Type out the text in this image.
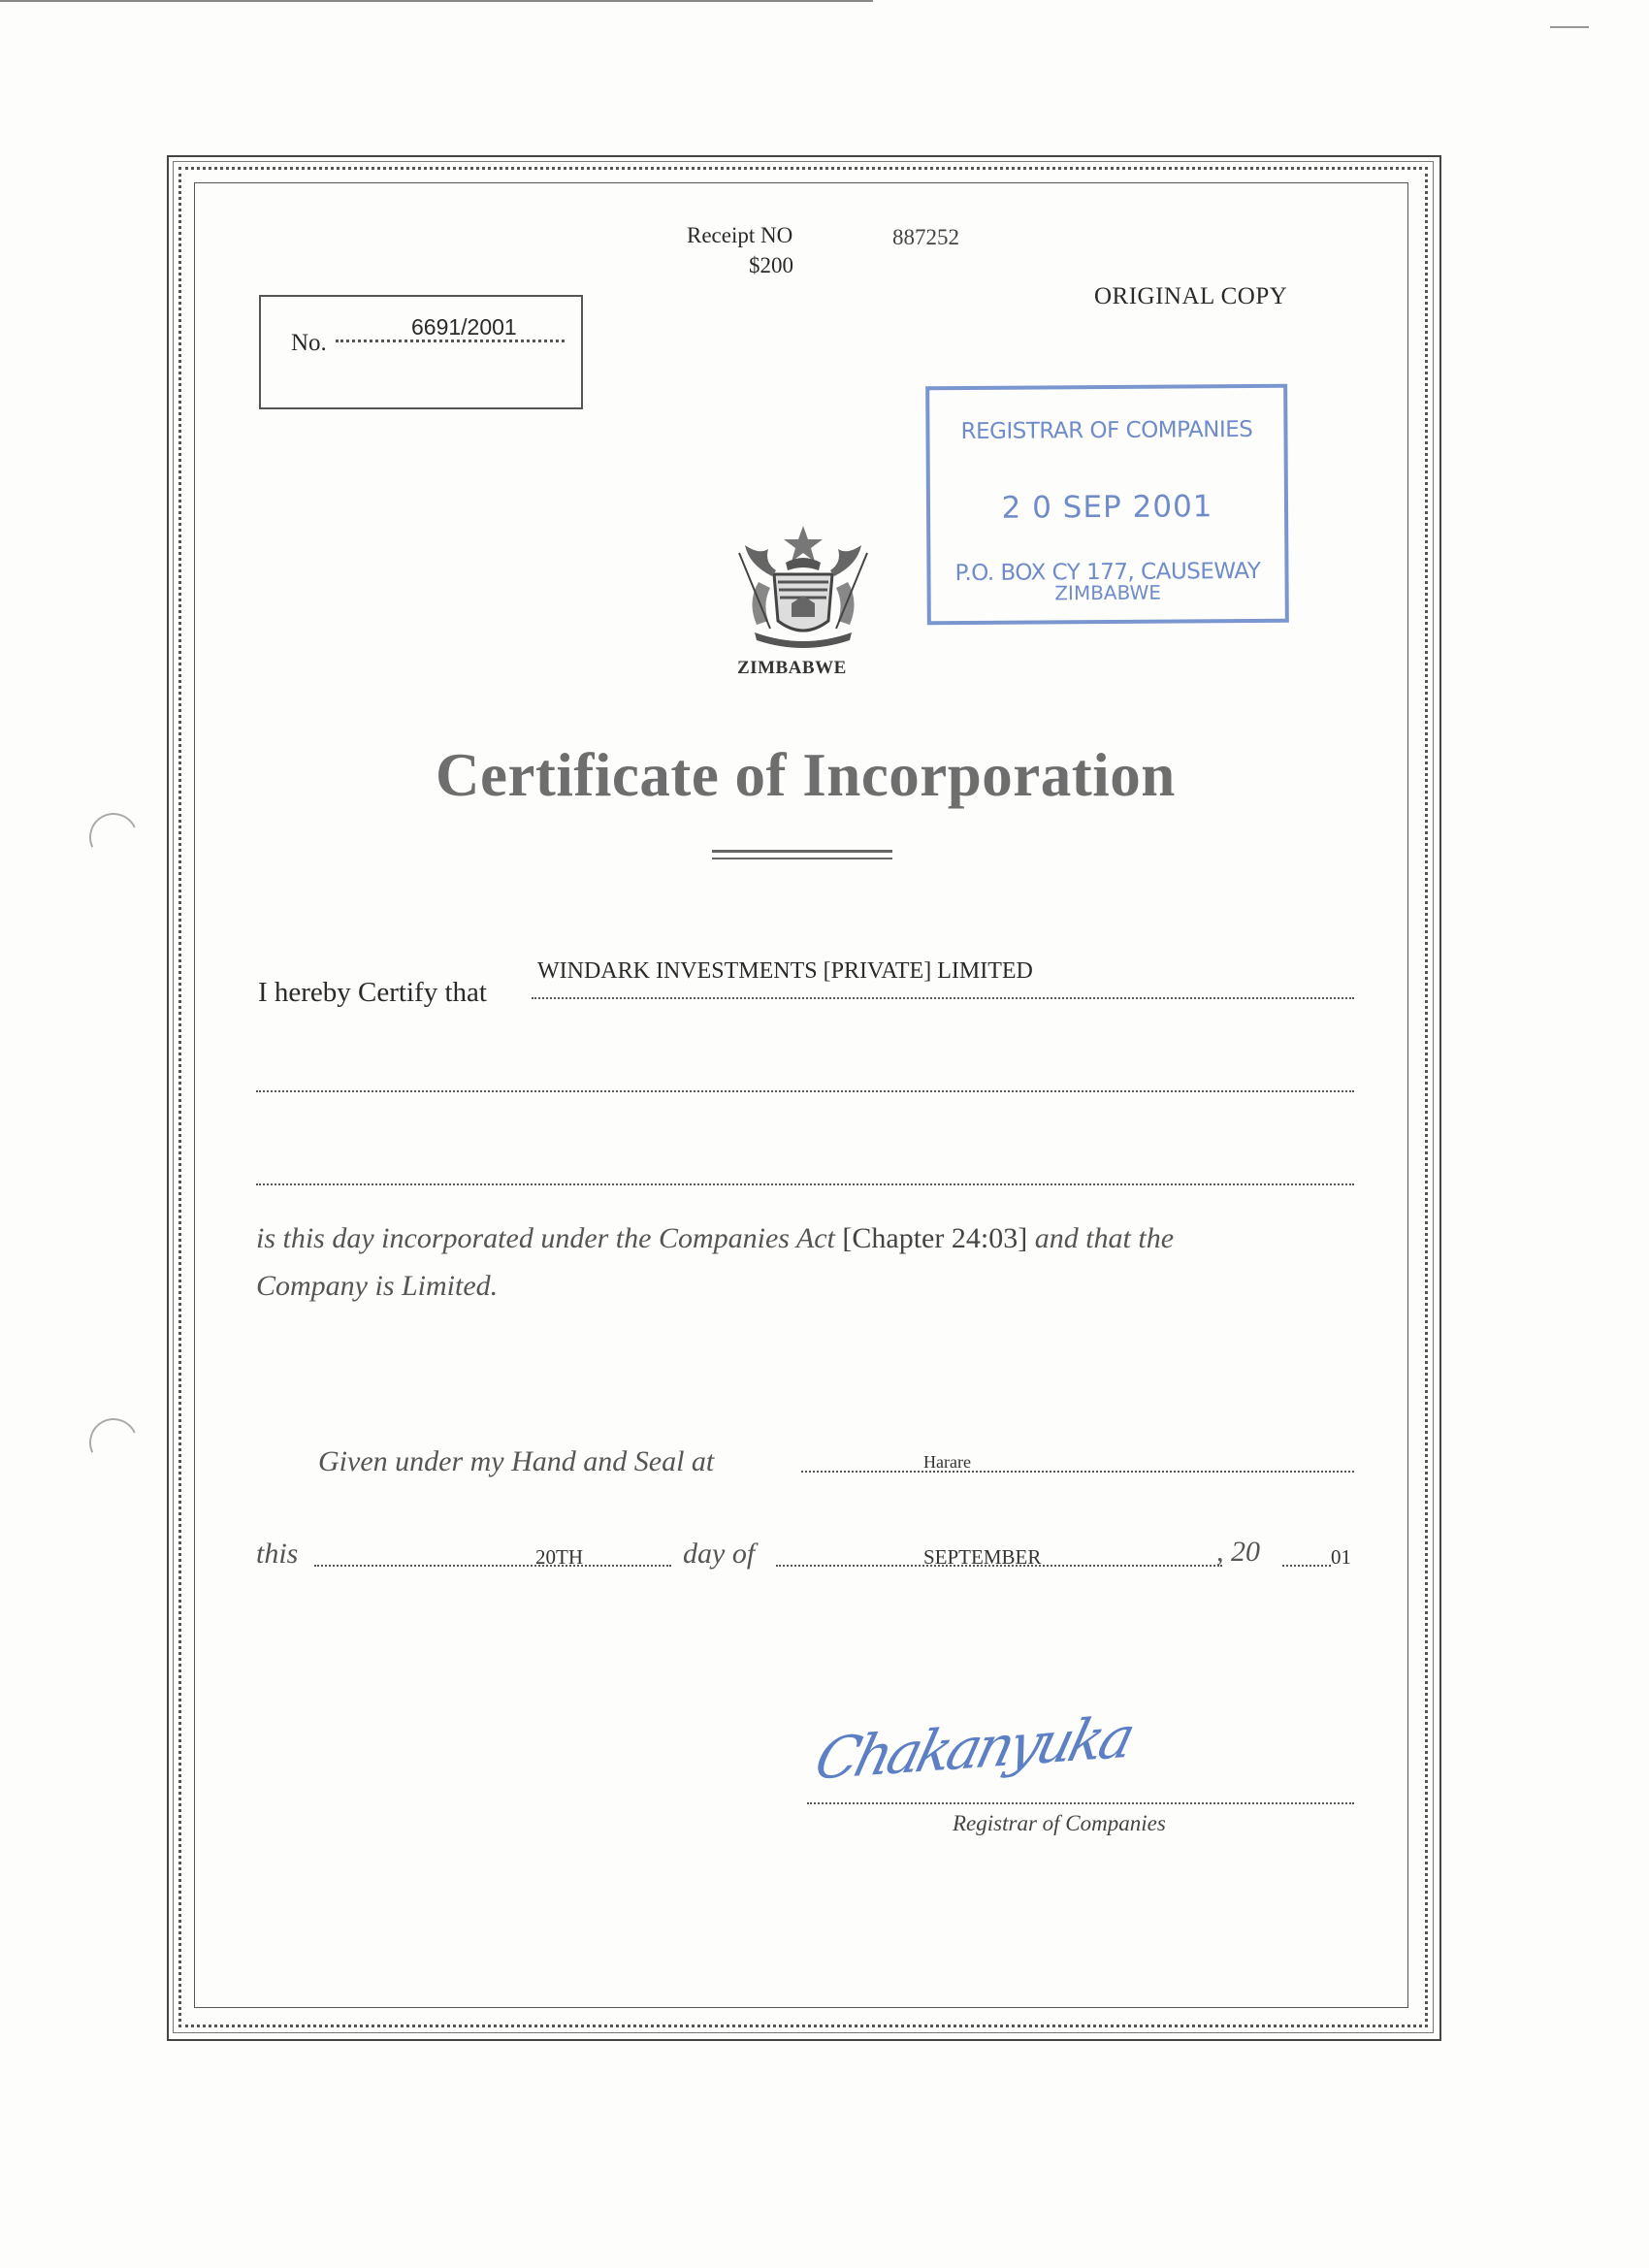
Receipt NO	887252
$200
ORIGINAL COPY
No.
6691/2001
REGISTRAR OF COMPANIES
2 0 SEP 2001
P.O. BOX CY 177, CAUSEWAY
ZIMBABWE
ZIMBABWE
Certificate of Incorporation
I hereby Certify that
WINDARK INVESTMENTS [PRIVATE] LIMITED
is this day incorporated under the Companies Act [Chapter 24:03] and that the
Company is Limited.
Given under my Hand and Seal at	Harare
this	20TH	day of	SEPTEMBER	, 20	01
Chakanyuka
Registrar of Companies
